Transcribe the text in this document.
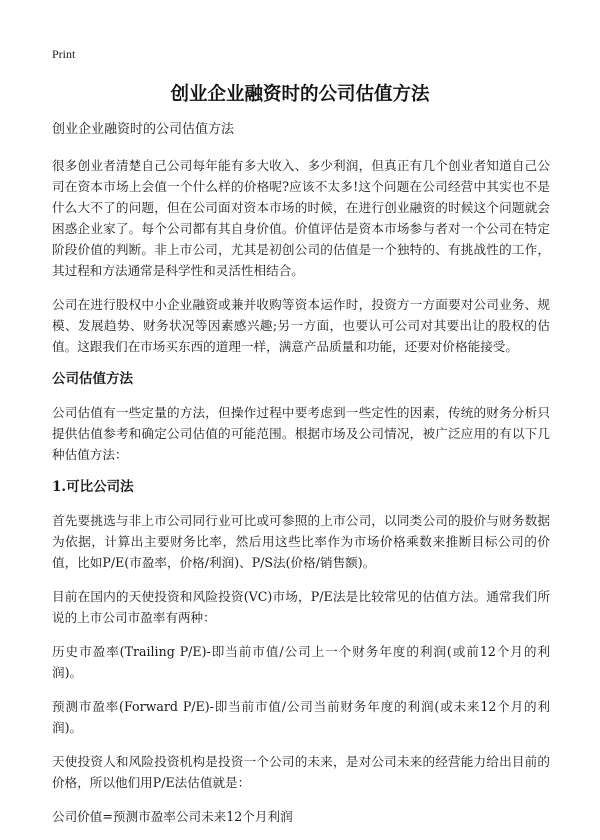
Print
创业企业融资时的公司估值方法
创业企业融资时的公司估值方法

很多创业者清楚自己公司每年能有多大收入、多少利润，但真正有几个创业者知道自己公司在资本市场上会值一个什么样的价格呢?应该不太多!这个问题在公司经营中其实也不是什么大不了的问题，但在公司面对资本市场的时候，在进行创业融资的时候这个问题就会困惑企业家了。每个公司都有其自身价值。价值评估是资本市场参与者对一个公司在特定阶段价值的判断。非上市公司，尤其是初创公司的估值是一个独特的、有挑战性的工作，其过程和方法通常是科学性和灵活性相结合。

公司在进行股权中小企业融资或兼并收购等资本运作时，投资方一方面要对公司业务、规模、发展趋势、财务状况等因素感兴趣;另一方面，也要认可公司对其要出让的股权的估值。这跟我们在市场买东西的道理一样，满意产品质量和功能，还要对价格能接受。

公司估值方法

公司估值有一些定量的方法，但操作过程中要考虑到一些定性的因素，传统的财务分析只提供估值参考和确定公司估值的可能范围。根据市场及公司情况，被广泛应用的有以下几种估值方法：

1.可比公司法

首先要挑选与非上市公司同行业可比或可参照的上市公司，以同类公司的股价与财务数据为依据，计算出主要财务比率，然后用这些比率作为市场价格乘数来推断目标公司的价值，比如P/E(市盈率，价格/利润)、P/S法(价格/销售额)。

目前在国内的天使投资和风险投资(VC)市场，P/E法是比较常见的估值方法。通常我们所说的上市公司市盈率有两种：

历史市盈率(Trailing P/E)-即当前市值/公司上一个财务年度的利润(或前12个月的利润)。

预测市盈率(Forward P/E)-即当前市值/公司当前财务年度的利润(或未来12个月的利润)。

天使投资人和风险投资机构是投资一个公司的未来，是对公司未来的经营能力给出目前的价格，所以他们用P/E法估值就是：

公司价值=预测市盈率公司未来12个月利润
